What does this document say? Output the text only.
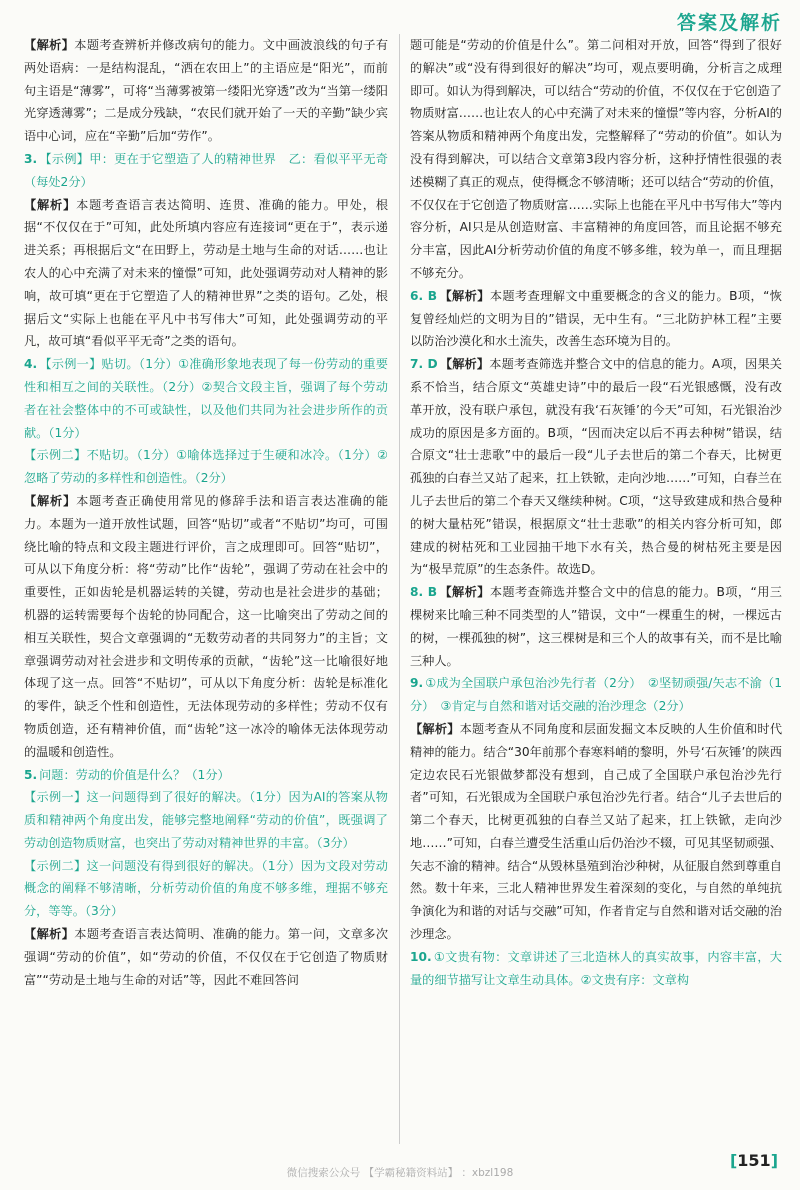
答案及解析

【解析】本题考查辨析并修改病句的能力。文中画波浪线的句子有两处语病：一是结构混乱，“洒在农田上”的主语应是“阳光”，而前句主语是“薄雾”，可将“当薄雾被第一缕阳光穿透”改为“当第一缕阳光穿透薄雾”；二是成分残缺，“农民们就开始了一天的辛勤”缺少宾语中心词，应在“辛勤”后加“劳作”。

3. 【示例】甲：更在于它塑造了人的精神世界　乙：看似平平无奇（每处2分）

【解析】本题考查语言表达简明、连贯、准确的能力。甲处，根据“不仅仅在于”可知，此处所填内容应有连接词“更在于”，表示递进关系；再根据后文“在田野上，劳动是土地与生命的对话……也让农人的心中充满了对未来的憧憬”可知，此处强调劳动对人精神的影响，故可填“更在于它塑造了人的精神世界”之类的语句。乙处，根据后文“实际上也能在平凡中书写伟大”可知，此处强调劳动的平凡，故可填“看似平平无奇”之类的语句。

4. 【示例一】贴切。（1分）①准确形象地表现了每一份劳动的重要性和相互之间的关联性。（2分）②契合文段主旨，强调了每个劳动者在社会整体中的不可或缺性，以及他们共同为社会进步所作的贡献。（1分）

【示例二】不贴切。（1分）①喻体选择过于生硬和冰冷。（1分）②忽略了劳动的多样性和创造性。（2分）

【解析】本题考查正确使用常见的修辞手法和语言表达准确的能力。本题为一道开放性试题，回答“贴切”或者“不贴切”均可，可围绕比喻的特点和文段主题进行评价，言之成理即可。回答“贴切”，可从以下角度分析：将“劳动”比作“齿轮”，强调了劳动在社会中的重要性，正如齿轮是机器运转的关键，劳动也是社会进步的基础；机器的运转需要每个齿轮的协同配合，这一比喻突出了劳动之间的相互关联性，契合文章强调的“无数劳动者的共同努力”的主旨；文章强调劳动对社会进步和文明传承的贡献，“齿轮”这一比喻很好地体现了这一点。回答“不贴切”，可从以下角度分析：齿轮是标准化的零件，缺乏个性和创造性，无法体现劳动的多样性；劳动不仅有物质创造，还有精神价值，而“齿轮”这一冰冷的喻体无法体现劳动的温暖和创造性。

5. 问题：劳动的价值是什么？（1分）

【示例一】这一问题得到了很好的解决。（1分）因为AI的答案从物质和精神两个角度出发，能够完整地阐释“劳动的价值”，既强调了劳动创造物质财富，也突出了劳动对精神世界的丰富。（3分）

【示例二】这一问题没有得到很好的解决。（1分）因为文段对劳动概念的阐释不够清晰，分析劳动价值的角度不够多维，理据不够充分，等等。（3分）

【解析】本题考查语言表达简明、准确的能力。第一问，文章多次强调“劳动的价值”，如“劳动的价值，不仅仅在于它创造了物质财富”“劳动是土地与生命的对话”等，因此不难回答问

题可能是“劳动的价值是什么”。第二问相对开放，回答“得到了很好的解决”或“没有得到很好的解决”均可，观点要明确，分析言之成理即可。如认为得到解决，可以结合“劳动的价值，不仅仅在于它创造了物质财富……也让农人的心中充满了对未来的憧憬”等内容，分析AI的答案从物质和精神两个角度出发，完整解释了“劳动的价值”。如认为没有得到解决，可以结合文章第3段内容分析，这种抒情性很强的表述模糊了真正的观点，使得概念不够清晰；还可以结合“劳动的价值，不仅仅在于它创造了物质财富……实际上也能在平凡中书写伟大”等内容分析，AI只是从创造财富、丰富精神的角度回答，而且论据不够充分丰富，因此AI分析劳动价值的角度不够多维，较为单一，而且理据不够充分。

6. B 【解析】本题考查理解文中重要概念的含义的能力。B项，“恢复曾经灿烂的文明为目的”错误，无中生有。“三北防护林工程”主要以防治沙漠化和水土流失，改善生态环境为目的。

7. D 【解析】本题考查筛选并整合文中的信息的能力。A项，因果关系不恰当，结合原文“英雄史诗”中的最后一段“石光银感慨，没有改革开放，没有联户承包，就没有我‘石灰锤’的今天”可知，石光银治沙成功的原因是多方面的。B项，“因而决定以后不再去种树”错误，结合原文“壮士悲歌”中的最后一段“儿子去世后的第二个春天，比树更孤独的白春兰又站了起来，扛上铁锨，走向沙地……”可知，白春兰在儿子去世后的第二个春天又继续种树。C项，“这导致建成和热合曼种的树大量枯死”错误，根据原文“壮士悲歌”的相关内容分析可知，郎建成的树枯死和工业园抽干地下水有关，热合曼的树枯死主要是因为“极旱荒原”的生态条件。故选D。

8. B 【解析】本题考查筛选并整合文中的信息的能力。B项，“用三棵树来比喻三种不同类型的人”错误，文中“一棵重生的树，一棵远古的树，一棵孤独的树”，这三棵树是和三个人的故事有关，而不是比喻三种人。

9. ①成为全国联户承包治沙先行者（2分）　②坚韧顽强/矢志不渝（1分）　③肯定与自然和谐对话交融的治沙理念（2分）

【解析】本题考查从不同角度和层面发掘文本反映的人生价值和时代精神的能力。结合“30年前那个春寒料峭的黎明，外号‘石灰锤’的陕西定边农民石光银做梦都没有想到，自己成了全国联户承包治沙先行者”可知，石光银成为全国联户承包治沙先行者。结合“儿子去世后的第二个春天，比树更孤独的白春兰又站了起来，扛上铁锨，走向沙地……”可知，白春兰遭受生活重山后仍治沙不辍，可见其坚韧顽强、矢志不渝的精神。结合“从毁林垦殖到治沙种树，从征服自然到尊重自然。数十年来，三北人精神世界发生着深刻的变化，与自然的单纯抗争演化为和谐的对话与交融”可知，作者肯定与自然和谐对话交融的治沙理念。

10. ①文贵有物：文章讲述了三北造林人的真实故事，内容丰富，大量的细节描写让文章生动具体。②文贵有序：文章构

[151]
微信搜索公众号 【学霸秘籍资料站】 ：xbzl198
